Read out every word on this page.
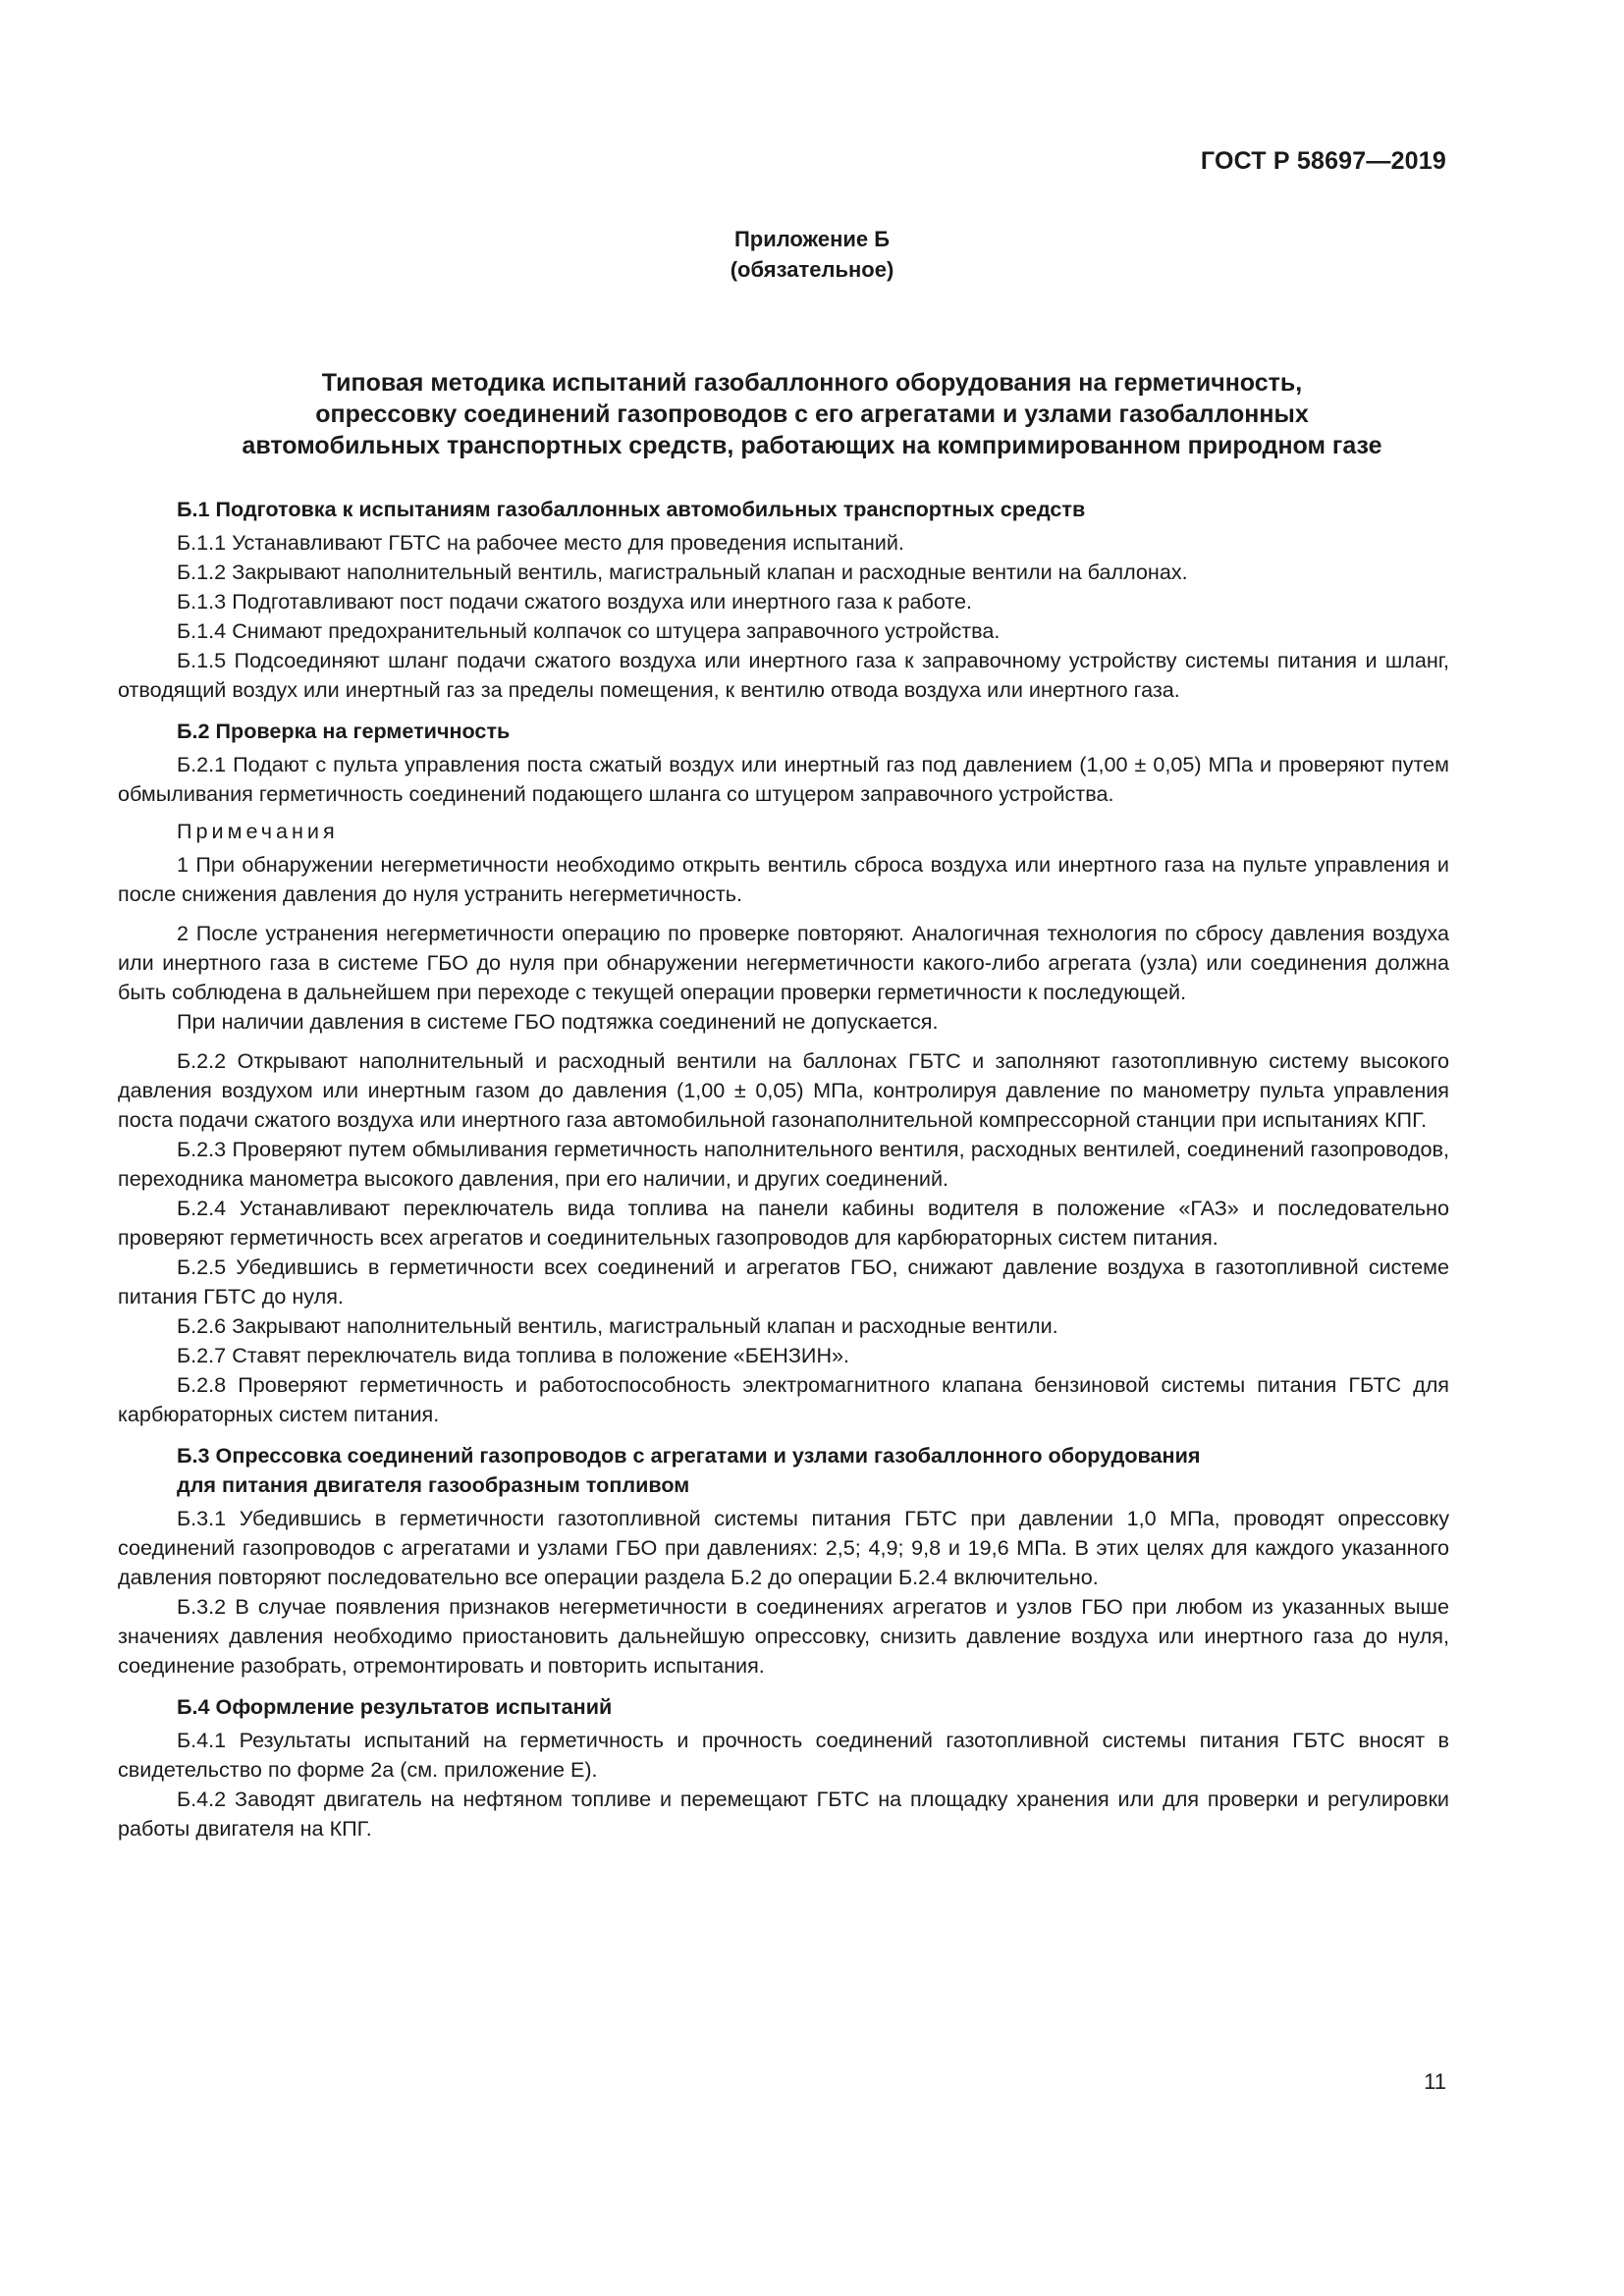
ГОСТ Р 58697—2019
Приложение Б
(обязательное)
Типовая методика испытаний газобаллонного оборудования на герметичность,
опрессовку соединений газопроводов с его агрегатами и узлами газобаллонных
автомобильных транспортных средств, работающих на компримированном природном газе

Б.1 Подготовка к испытаниям газобаллонных автомобильных транспортных средств

Б.1.1 Устанавливают ГБТС на рабочее место для проведения испытаний.

Б.1.2 Закрывают наполнительный вентиль, магистральный клапан и расходные вентили на баллонах.

Б.1.3 Подготавливают пост подачи сжатого воздуха или инертного газа к работе.

Б.1.4 Снимают предохранительный колпачок со штуцера заправочного устройства.

Б.1.5 Подсоединяют шланг подачи сжатого воздуха или инертного газа к заправочному устройству системы питания и шланг, отводящий воздух или инертный газ за пределы помещения, к вентилю отвода воздуха или инертного газа.

Б.2 Проверка на герметичность

Б.2.1 Подают с пульта управления поста сжатый воздух или инертный газ под давлением (1,00 ± 0,05) МПа и проверяют путем обмыливания герметичность соединений подающего шланга со штуцером заправочного устройства.

Примечания

1 При обнаружении негерметичности необходимо открыть вентиль сброса воздуха или инертного газа на пульте управления и после снижения давления до нуля устранить негерметичность.

2 После устранения негерметичности операцию по проверке повторяют. Аналогичная технология по сбросу давления воздуха или инертного газа в системе ГБО до нуля при обнаружении негерметичности какого-либо агрегата (узла) или соединения должна быть соблюдена в дальнейшем при переходе с текущей операции проверки герметичности к последующей.

При наличии давления в системе ГБО подтяжка соединений не допускается.

Б.2.2 Открывают наполнительный и расходный вентили на баллонах ГБТС и заполняют газотопливную систему высокого давления воздухом или инертным газом до давления (1,00 ± 0,05) МПа, контролируя давление по манометру пульта управления поста подачи сжатого воздуха или инертного газа автомобильной газонаполнительной компрессорной станции при испытаниях КПГ.

Б.2.3 Проверяют путем обмыливания герметичность наполнительного вентиля, расходных вентилей, соединений газопроводов, переходника манометра высокого давления, при его наличии, и других соединений.

Б.2.4 Устанавливают переключатель вида топлива на панели кабины водителя в положение «ГАЗ» и последовательно проверяют герметичность всех агрегатов и соединительных газопроводов для карбюраторных систем питания.

Б.2.5 Убедившись в герметичности всех соединений и агрегатов ГБО, снижают давление воздуха в газотопливной системе питания ГБТС до нуля.

Б.2.6 Закрывают наполнительный вентиль, магистральный клапан и расходные вентили.

Б.2.7 Ставят переключатель вида топлива в положение «БЕНЗИН».

Б.2.8 Проверяют герметичность и работоспособность электромагнитного клапана бензиновой системы питания ГБТС для карбюраторных систем питания.

Б.3 Опрессовка соединений газопроводов с агрегатами и узлами газобаллонного оборудования
для питания двигателя газообразным топливом

Б.3.1 Убедившись в герметичности газотопливной системы питания ГБТС при давлении 1,0 МПа, проводят опрессовку соединений газопроводов с агрегатами и узлами ГБО при давлениях: 2,5; 4,9; 9,8 и 19,6 МПа. В этих целях для каждого указанного давления повторяют последовательно все операции раздела Б.2 до операции Б.2.4 включительно.

Б.3.2 В случае появления признаков негерметичности в соединениях агрегатов и узлов ГБО при любом из указанных выше значениях давления необходимо приостановить дальнейшую опрессовку, снизить давление воздуха или инертного газа до нуля, соединение разобрать, отремонтировать и повторить испытания.

Б.4 Оформление результатов испытаний

Б.4.1 Результаты испытаний на герметичность и прочность соединений газотопливной системы питания ГБТС вносят в свидетельство по форме 2а (см. приложение Е).

Б.4.2 Заводят двигатель на нефтяном топливе и перемещают ГБТС на площадку хранения или для проверки и регулировки работы двигателя на КПГ.

11
